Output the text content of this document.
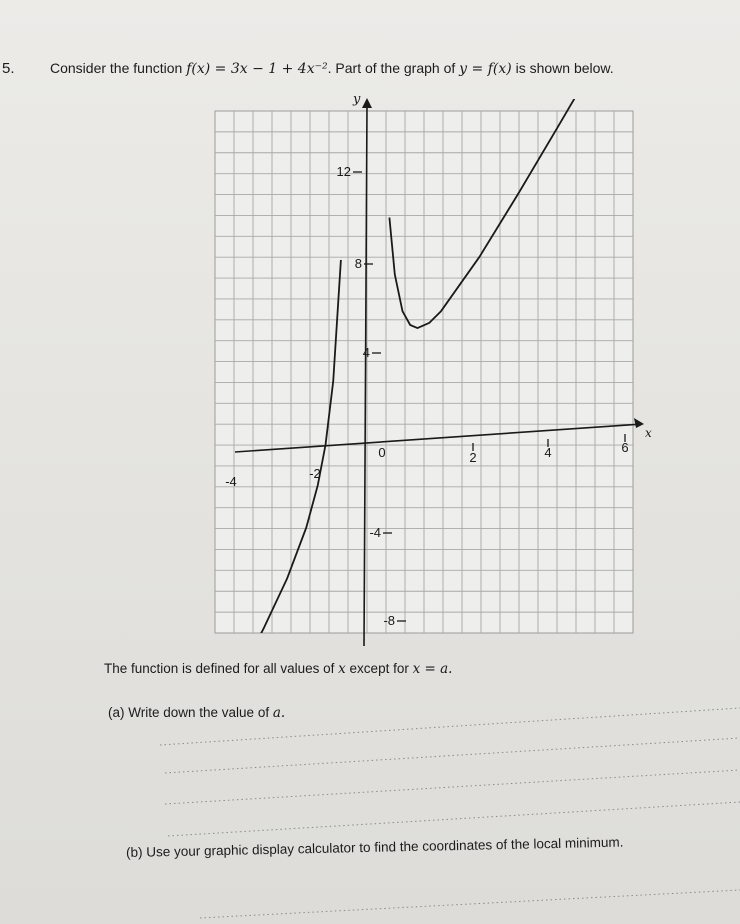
5.	Consider the function f(x) = 3x − 1 + 4x⁻². Part of the graph of y = f(x) is shown below.
x
y
-4
-2
0	2	4	6
12
8
4
-4
-8
The function is defined for all values of x except for x = a.
(a) Write down the value of a.
(b) Use your graphic display calculator to find the coordinates of the local minimum.
